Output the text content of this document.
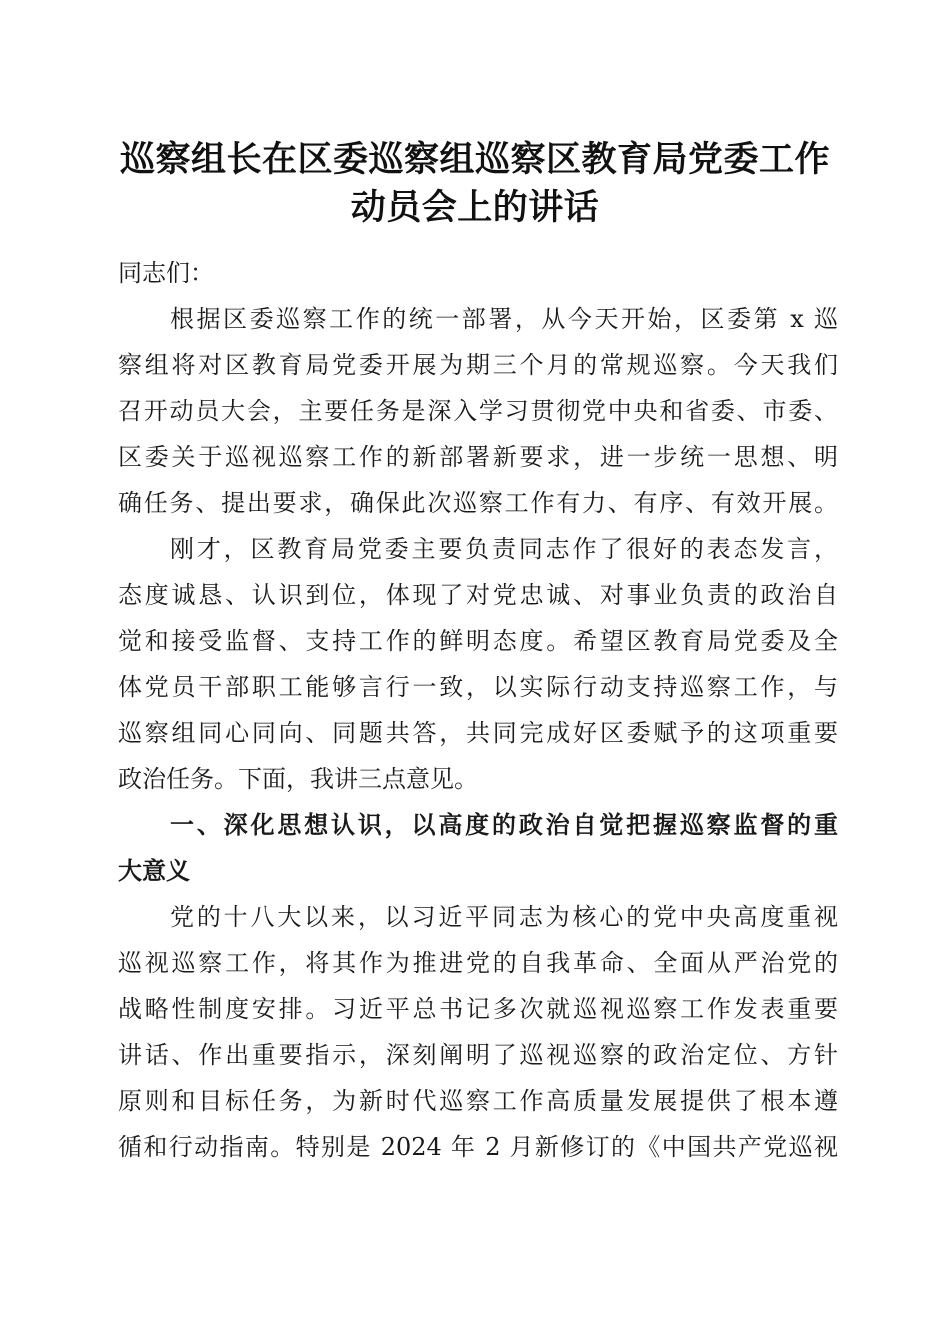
巡察组长在区委巡察组巡察区教育局党委工作
动员会上的讲话
同志们：
根据区委巡察工作的统一部署，从今天开始，区委第 x 巡
察组将对区教育局党委开展为期三个月的常规巡察。今天我们
召开动员大会，主要任务是深入学习贯彻党中央和省委、市委、
区委关于巡视巡察工作的新部署新要求，进一步统一思想、明
确任务、提出要求，确保此次巡察工作有力、有序、有效开展。
刚才，区教育局党委主要负责同志作了很好的表态发言，
态度诚恳、认识到位，体现了对党忠诚、对事业负责的政治自
觉和接受监督、支持工作的鲜明态度。希望区教育局党委及全
体党员干部职工能够言行一致，以实际行动支持巡察工作，与
巡察组同心同向、同题共答，共同完成好区委赋予的这项重要
政治任务。下面，我讲三点意见。
一、深化思想认识，以高度的政治自觉把握巡察监督的重
大意义
党的十八大以来，以习近平同志为核心的党中央高度重视
巡视巡察工作，将其作为推进党的自我革命、全面从严治党的
战略性制度安排。习近平总书记多次就巡视巡察工作发表重要
讲话、作出重要指示，深刻阐明了巡视巡察的政治定位、方针
原则和目标任务，为新时代巡察工作高质量发展提供了根本遵
循和行动指南。特别是 2024 年 2 月新修订的《中国共产党巡视
